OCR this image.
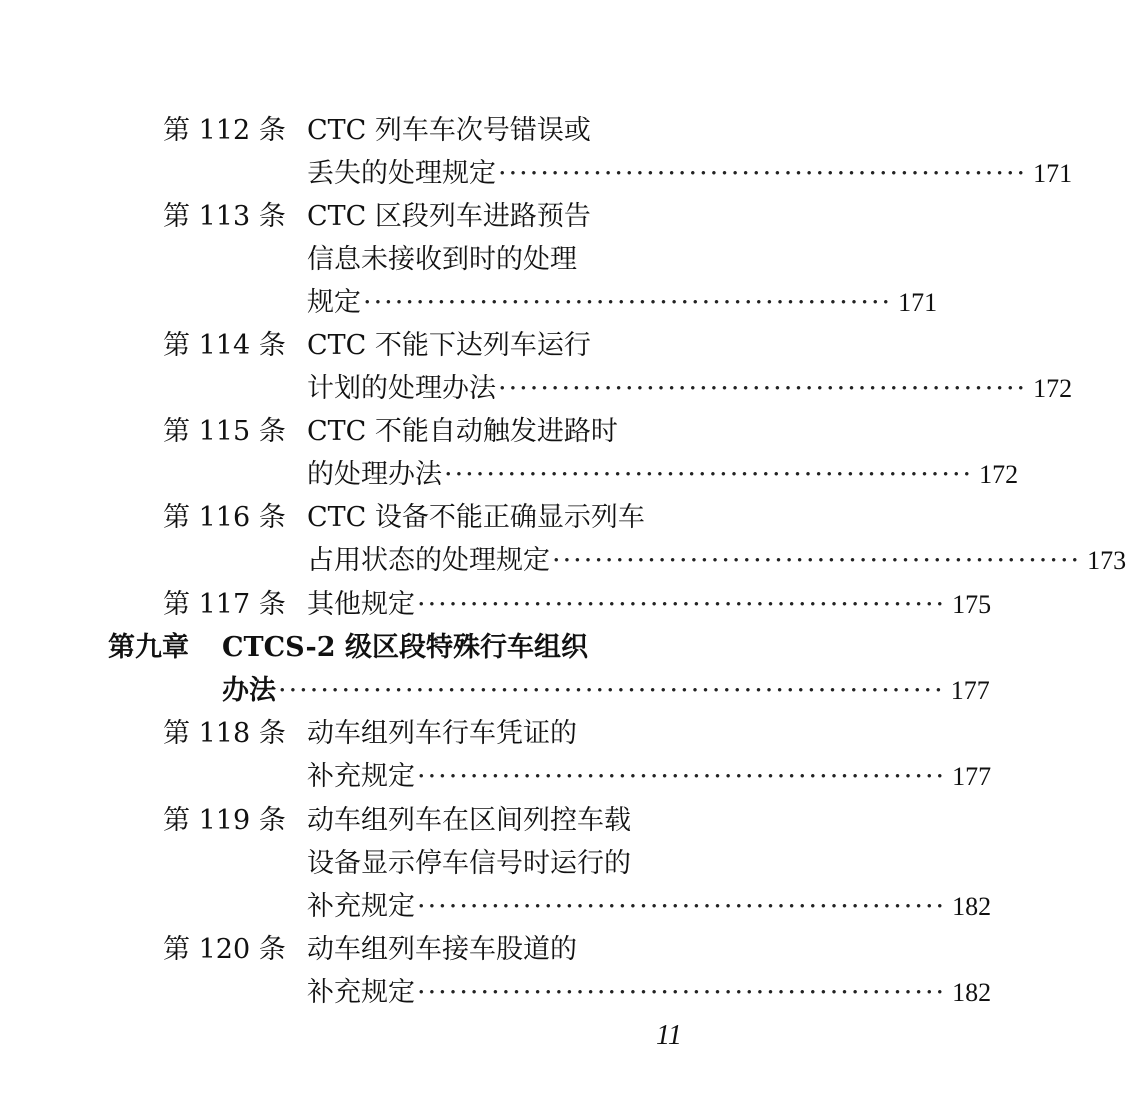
第 112 条 CTC 列车车次号错误或
丢失的处理规定 ·················································· 171
第 113 条 CTC 区段列车进路预告
信息未接收到时的处理
规定 ·················································· 171
第 114 条 CTC 不能下达列车运行
计划的处理办法 ·················································· 172
第 115 条 CTC 不能自动触发进路时
的处理办法 ·················································· 172
第 116 条 CTC 设备不能正确显示列车
占用状态的处理规定 ·················································· 173
第 117 条 其他规定 ·················································· 175
第九章 CTCS-2 级区段特殊行车组织
办法 ······························································· 177
第 118 条 动车组列车行车凭证的
补充规定 ·················································· 177
第 119 条 动车组列车在区间列控车载
设备显示停车信号时运行的
补充规定 ·················································· 182
第 120 条 动车组列车接车股道的
补充规定 ·················································· 182
11
